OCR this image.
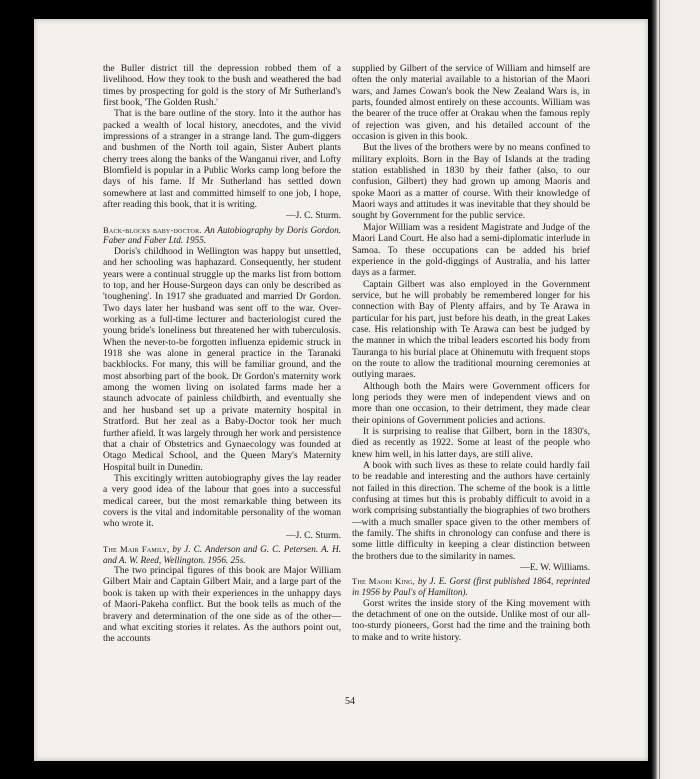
the Buller district till the depression robbed them of a livelihood. How they took to the bush and weathered the bad times by prospecting for gold is the story of Mr Sutherland's first book, 'The Golden Rush.'

That is the bare outline of the story. Into it the author has packed a wealth of local history, anecdotes, and the vivid impressions of a stranger in a strange land. The gum-diggers and bushmen of the North toil again, Sister Aubert plants cherry trees along the banks of the Wanganui river, and Lofty Blomfield is popular in a Public Works camp long before the days of his fame. If Mr Sutherland has settled down somewhere at last and committed himself to one job, I hope, after reading this book, that it is writing.

—J. C. Sturm.

Back-blocks baby-doctor. An Autobiography by Doris Gordon. Faber and Faber Ltd. 1955.

Doris's childhood in Wellington was happy but unsettled, and her schooling was haphazard. Consequently, her student years were a continual struggle up the marks list from bottom to top, and her House-Surgeon days can only be described as 'toughening'. In 1917 she graduated and married Dr Gordon. Two days later her husband was sent off to the war. Over-working as a full-time lecturer and bacteriologist cured the young bride's loneliness but threatened her with tuberculosis. When the never-to-be forgotten influenza epidemic struck in 1918 she was alone in general practice in the Taranaki backblocks. For many, this will be familiar ground, and the most absorbing part of the book. Dr Gordon's maternity work among the women living on isolated farms made her a staunch advocate of painless childbirth, and eventually she and her husband set up a private maternity hospital in Stratford. But her zeal as a Baby-Doctor took her much further afield. It was largely through her work and persistence that a chair of Obstetrics and Gynaecology was founded at Otago Medical School, and the Queen Mary's Maternity Hospital built in Dunedin.

This excitingly written autobiography gives the lay reader a very good idea of the labour that goes into a successful medical career, but the most remarkable thing between its covers is the vital and indomitable personality of the woman who wrote it.

—J. C. Sturm.

The Mair Family, by J. C. Anderson and G. C. Petersen. A. H. and A. W. Reed, Wellington. 1956. 25s.

The two principal figures of this book are Major William Gilbert Mair and Captain Gilbert Mair, and a large part of the book is taken up with their experiences in the unhappy days of Maori-Pakeha conflict. But the book tells as much of the bravery and determination of the one side as of the other—and what exciting stories it relates. As the authors point out, the accounts

supplied by Gilbert of the service of William and himself are often the only material available to a historian of the Maori wars, and James Cowan's book the New Zealand Wars is, in parts, founded almost entirely on these accounts. William was the bearer of the truce offer at Orakau when the famous reply of rejection was given, and his detailed account of the occasion is given in this book.

But the lives of the brothers were by no means confined to military exploits. Born in the Bay of Islands at the trading station established in 1830 by their father (also, to our confusion, Gilbert) they had grown up among Maoris and spoke Maori as a matter of course. With their knowledge of Maori ways and attitudes it was inevitable that they should be sought by Government for the public service.

Major William was a resident Magistrate and Judge of the Maori Land Court. He also had a semi-diplomatic interlude in Samoa. To these occupations can be added his brief experience in the gold-diggings of Australia, and his latter days as a farmer.

Captain Gilbert was also employed in the Government service, but he will probably be remembered longer for his connection with Bay of Plenty affairs, and by Te Arawa in particular for his part, just before his death, in the great Lakes case. His relationship with Te Arawa can best be judged by the manner in which the tribal leaders escorted his body from Tauranga to his burial place at Ohinemutu with frequent stops on the route to allow the traditional mourning ceremonies at outlying maraes.

Although both the Mairs were Government officers for long periods they were men of independent views and on more than one occasion, to their detriment, they made clear their opinions of Government policies and actions.

It is surprising to realise that Gilbert, born in the 1830's, died as recently as 1922. Some at least of the people who knew him well, in his latter days, are still alive.

A book with such lives as these to relate could hardly fail to be readable and interesting and the authors have certainly not failed in this direction. The scheme of the book is a little confusing at times but this is probably difficult to avoid in a work comprising substantially the biographies of two brothers—with a much smaller space given to the other members of the family. The shifts in chronology can confuse and there is some little difficulty in keeping a clear distinction between the brothers due to the similarity in names.

—E. W. Williams.

The Maori King, by J. E. Gorst (first published 1864, reprinted in 1956 by Paul's of Hamilton).

Gorst writes the inside story of the King movement with the detachment of one on the outside. Unlike most of our all-too-sturdy pioneers, Gorst had the time and the training both to make and to write history.

54
